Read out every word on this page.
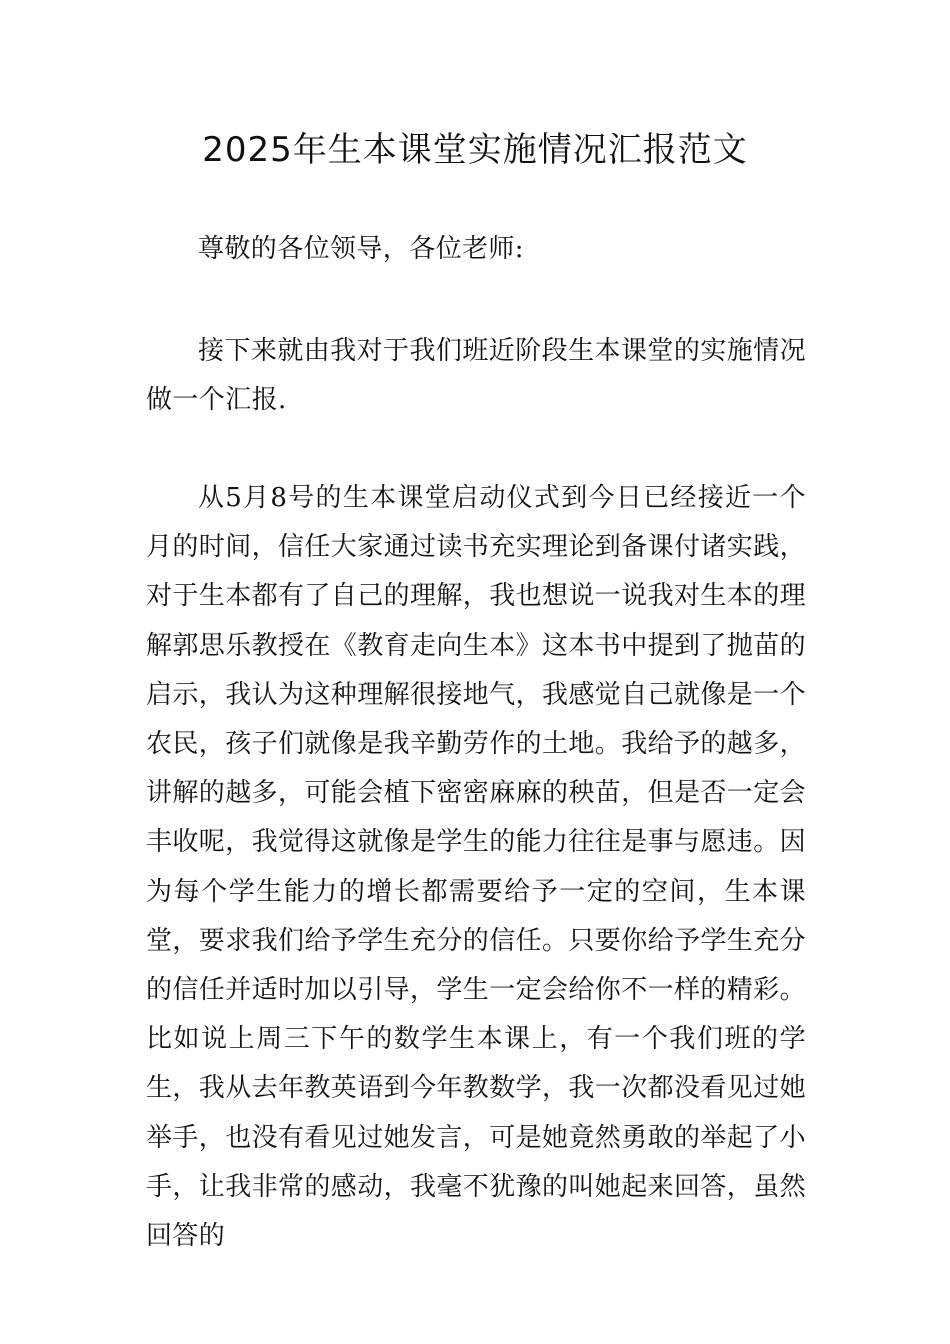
2025年生本课堂实施情况汇报范文

尊敬的各位领导，各位老师:

接下来就由我对于我们班近阶段生本课堂的实施情况做一个汇报.

从5月8号的生本课堂启动仪式到今日已经接近一个月的时间，信任大家通过读书充实理论到备课付诸实践，对于生本都有了自己的理解，我也想说一说我对生本的理解郭思乐教授在《教育走向生本》这本书中提到了抛苗的启示，我认为这种理解很接地气，我感觉自己就像是一个农民，孩子们就像是我辛勤劳作的土地。我给予的越多，讲解的越多，可能会植下密密麻麻的秧苗，但是否一定会丰收呢，我觉得这就像是学生的能力往往是事与愿违。因为每个学生能力的增长都需要给予一定的空间，生本课堂，要求我们给予学生充分的信任。只要你给予学生充分的信任并适时加以引导，学生一定会给你不一样的精彩。比如说上周三下午的数学生本课上，有一个我们班的学生，我从去年教英语到今年教数学，我一次都没看见过她举手，也没有看见过她发言，可是她竟然勇敢的举起了小手，让我非常的感动，我毫不犹豫的叫她起来回答，虽然回答的
